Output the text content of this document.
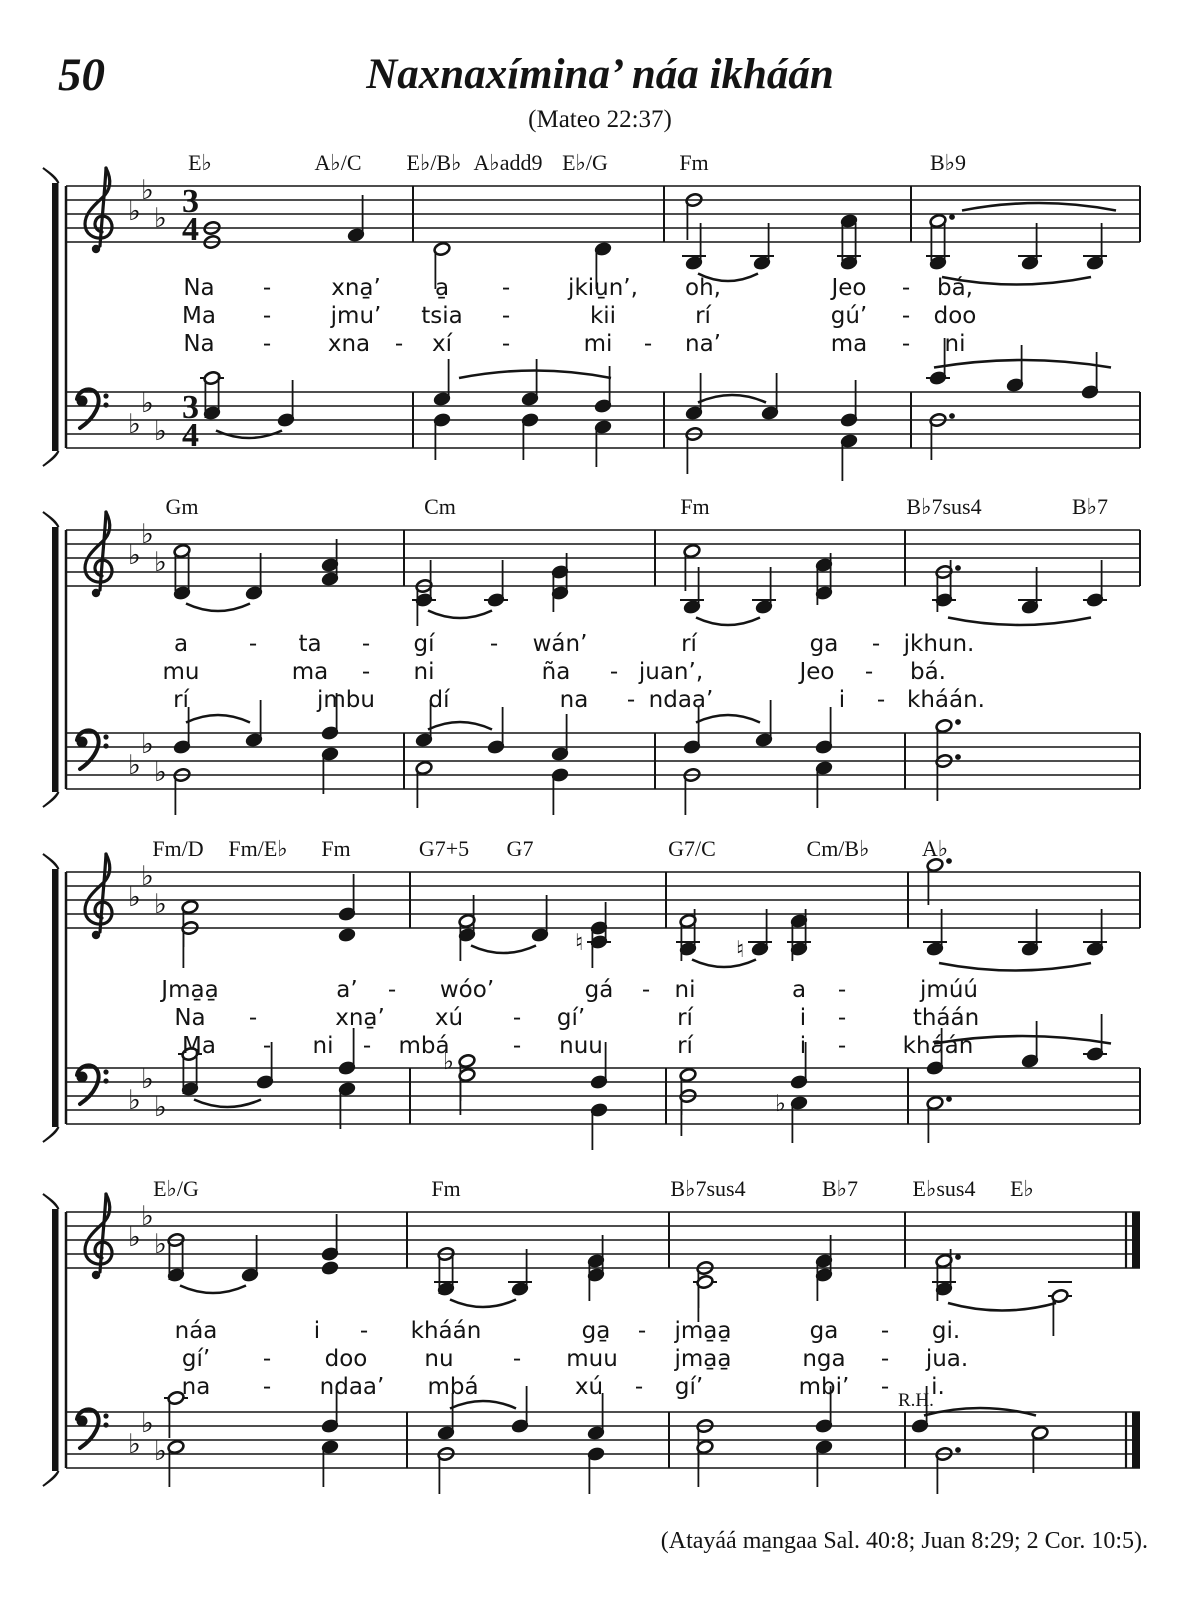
50	Naxnaxímina’ náa ikháán
(Mateo 22:37)
♭
♭
♭
♭
♭
♭
3
4
3
4
♭
♭
♭
♭
♭
♭
♮	♮
♭
♭
♭
♭
♭
♭
♭
♭
♭
♭
♭
♭
♭
♭
E♭	A♭/C E♭/B♭ A♭add9 E♭/G	Fm	B♭9
Na -	xna̱’ a̱ -	jkiu̱n’, oh,	Jeo - bá,
Ma -	jmu’ tsia -	kii	rí	gú’ - doo
Na - xna - xí -	mi - na’	ma - ni
Gm	Cm	Fm	B♭7sus4	B♭7
a	- ta - gí - wán’	rí	ga - jkhun.
mu	ma - ni	ña - juan’,	Jeo - bá.
rí	jmbu dí	na - ndaa’	i - kháán.
Fm/D Fm/E♭ Fm	G7+5 G7	G7/C	Cm/B♭ A♭
Jma̱a̱	a’ - wóo’	gá - ni	a -	jmúú
Na -	xna̱’ xú - gí’	rí	i -	tháán
Ma - ni - mbá	- nuu	rí	i - kháán
E♭/G	Fm	B♭7sus4	B♭7 E♭sus4 E♭
náa	i - kháán	ga̱ - jma̱a̱	ga - gi.
gí’ - doo nu	- muu jma̱a̱	nga - jua.
na - ndaa’ mbá	xú - gí’	mbi’ - i.
R.H.
(Atayáá ma̱ngaa Sal. 40:8; Juan 8:29; 2 Cor. 10:5).
